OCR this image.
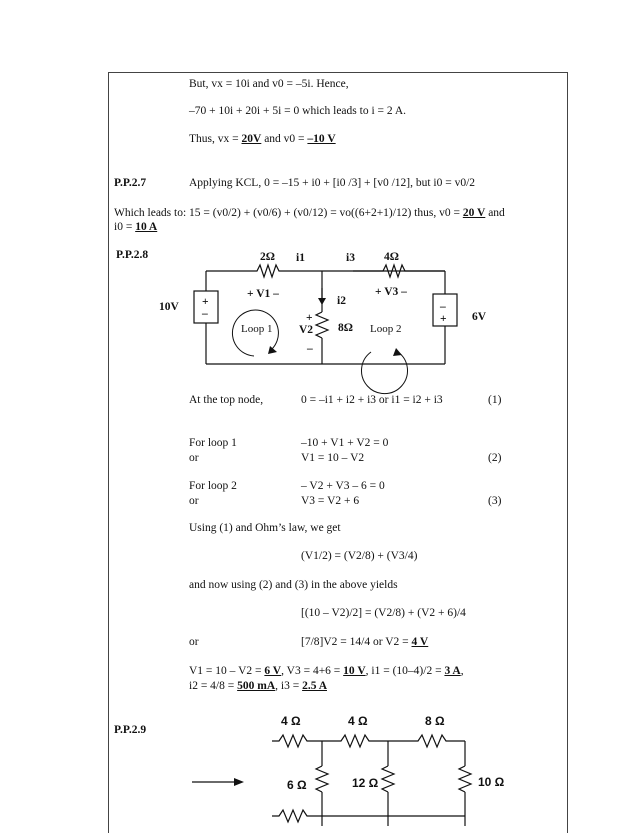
But, vx = 10i and v0 = –5i. Hence,
–70 + 10i + 20i + 5i = 0 which leads to i = 2 A.
Thus, vx = 20V and v0 = –10 V
P.P.2.7	Applying KCL, 0 = –15 + i0 + [i0 /3] + [v0 /12], but i0 = v0/2
Which leads to: 15 = (v0/2) + (v0/6) + (v0/12) = vo((6+2+1)/12) thus, v0 = 20 V and
i0 = 10 A
P.P.2.8	2Ω i1	i3	4Ω
+ V1 –	+ V3 –
i2
10V
6V
+
–
–
+
+
V2
–
8Ω
Loop 1	Loop 2
At the top node,	0 = –i1 + i2 + i3 or i1 = i2 + i3	(1)
For loop 1	–10 + V1 + V2 = 0
or	V1 = 10 – V2	(2)
For loop 2	– V2 + V3 – 6 = 0
or	V3 = V2 + 6	(3)
Using (1) and Ohm’s law, we get
(V1/2) = (V2/8) + (V3/4)
and now using (2) and (3) in the above yields
[(10 – V2)/2] = (V2/8) + (V2 + 6)/4
or	[7/8]V2 = 14/4 or V2 = 4 V
V1 = 10 – V2 = 6 V, V3 = 4+6 = 10 V, i1 = (10–4)/2 = 3 A,
i2 = 4/8 = 500 mA, i3 = 2.5 A
P.P.2.9
4 Ω	4 Ω	8 Ω
6 Ω	12 Ω	10 Ω
